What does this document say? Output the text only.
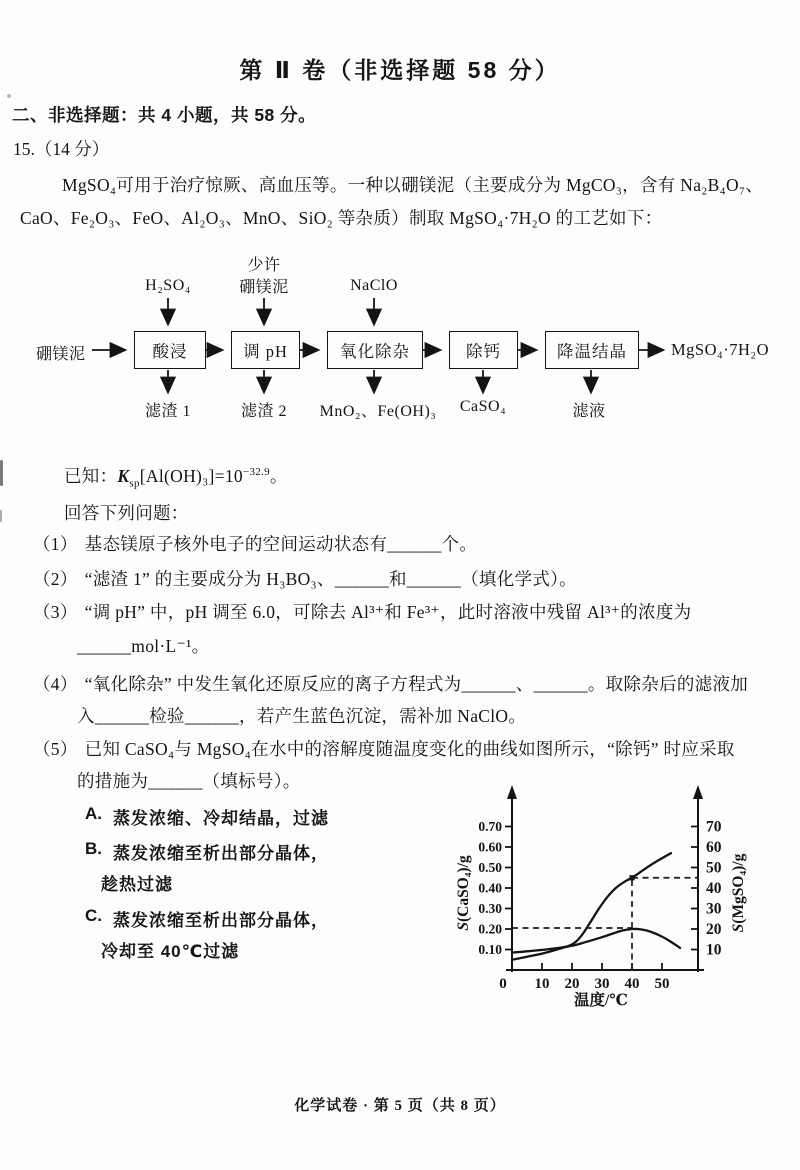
第 Ⅱ 卷（非选择题 58 分）
二、非选择题：共 4 小题，共 58 分。
15.（14 分）
MgSO₄可用于治疗惊厥、高血压等。一种以硼镁泥（主要成分为 MgCO₃，含有 Na₂B₄O₇、
CaO、Fe₂O₃、FeO、Al₂O₃、MnO、SiO₂ 等杂质）制取 MgSO₄·7H₂O 的工艺如下：
酸浸	调 pH	氧化除杂	除钙	降温结晶
硼镁泥
H₂SO₄
少许
硼镁泥	NaClO
滤渣 1	滤渣 2 MnO₂、Fe(OH)₃ CaSO₄	滤液
MgSO₄·7H₂O
已知：$K_{sp}[Al(OH)_3]=10^{-32.9}$。
回答下列问题：
（1） 基态镁原子核外电子的空间运动状态有______个。
（2） “滤渣 1” 的主要成分为 H₃BO₃、______和______（填化学式）。
（3） “调 pH” 中，pH 调至 6.0，可除去 Al³⁺和 Fe³⁺，此时溶液中残留 Al³⁺的浓度为
______mol·L⁻¹。
（4） “氧化除杂” 中发生氧化还原反应的离子方程式为______、______。取除杂后的滤液加
入______检验______，若产生蓝色沉淀，需补加 NaClO。
（5） 已知 CaSO₄与 MgSO₄在水中的溶解度随温度变化的曲线如图所示，“除钙” 时应采取
的措施为______（填标号）。
A. 蒸发浓缩、冷却结晶，过滤
B. 蒸发浓缩至析出部分晶体，
趁热过滤
C. 蒸发浓缩至析出部分晶体，
冷却至 40℃过滤
0 10 20 30 40 50
0.10
0.20
0.30
0.40
0.50
0.60
0.70
10
20
30
40
50
60
70
S(CaSO₄)/g
S(MgSO₄)/g
温度/℃
化学试卷 · 第 5 页（共 8 页）
